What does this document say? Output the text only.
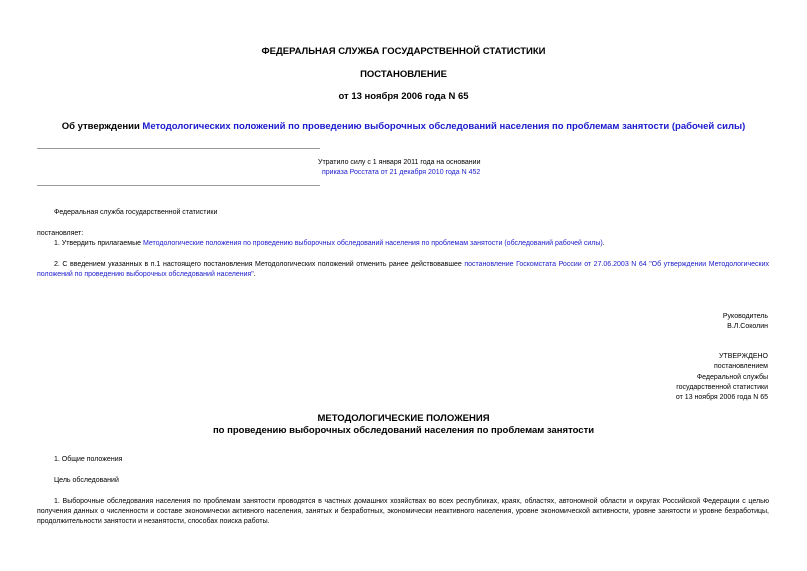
ФЕДЕРАЛЬНАЯ СЛУЖБА ГОСУДАРСТВЕННОЙ СТАТИСТИКИ
ПОСТАНОВЛЕНИЕ
от 13 ноября 2006 года N 65
Об утверждении Методологических положений по проведению выборочных обследований населения по проблемам занятости (рабочей силы)
Утратило силу с 1 января 2011 года на основании
приказа Росстата от 21 декабря 2010 года N 452
Федеральная служба государственной статистики
постановляет:
1. Утвердить прилагаемые Методологические положения по проведению выборочных обследований населения по проблемам занятости (обследований рабочей силы).
2. С введением указанных в п.1 настоящего постановления Методологических положений отменить ранее действовавшее постановление Госкомстата России от 27.06.2003 N 64 "Об утверждении Методологических положений по проведению выборочных обследований населения".
Руководитель
В.Л.Соколин
УТВЕРЖДЕНО
постановлением
Федеральной службы
государственной статистики
от 13 ноября 2006 года N 65
МЕТОДОЛОГИЧЕСКИЕ ПОЛОЖЕНИЯ
по проведению выборочных обследований населения по проблемам занятости
1. Общие положения
Цель обследований
1. Выборочные обследования населения по проблемам занятости проводятся в частных домашних хозяйствах во всех республиках, краях, областях, автономной области и округах Российской Федерации с целью получения данных о численности и составе экономически активного населения, занятых и безработных, экономически неактивного населения, уровне экономической активности, уровне занятости и уровне безработицы, продолжительности занятости и незанятости, способах поиска работы.
